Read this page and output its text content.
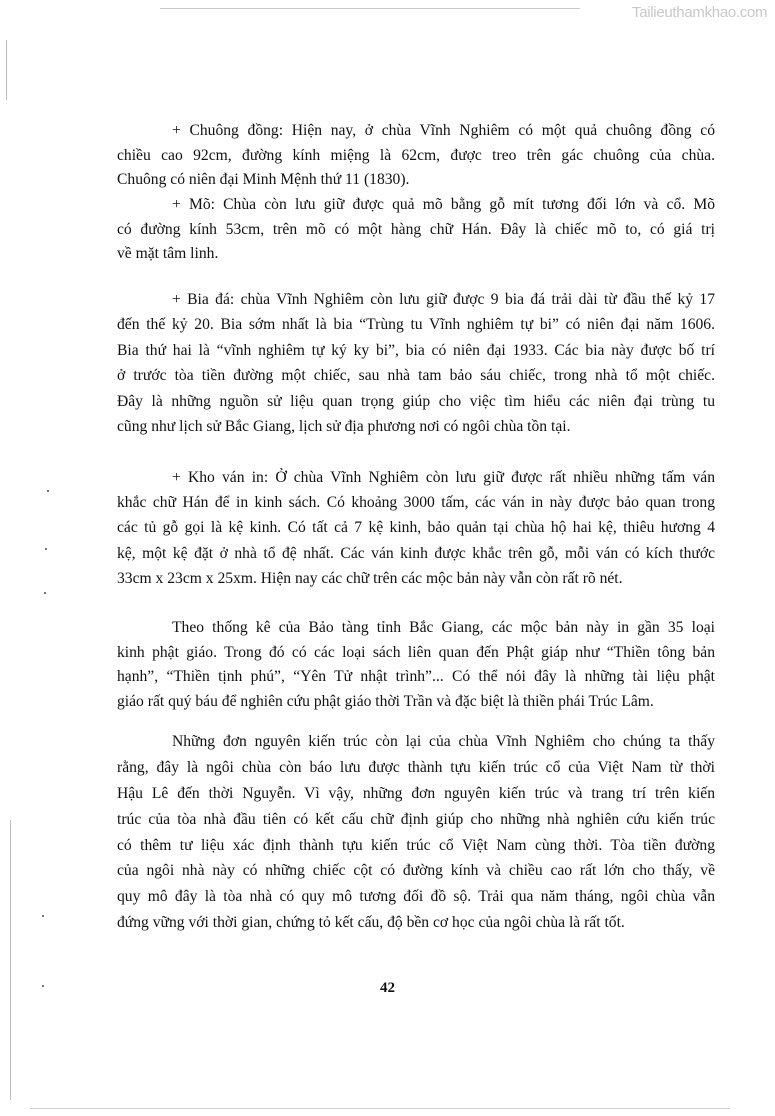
Tailieuthamkhao.com
+ Chuông đồng: Hiện nay, ở chùa Vĩnh Nghiêm có một quả chuông đồng có
chiều cao 92cm, đường kính miệng là 62cm, được treo trên gác chuông của chùa.
Chuông có niên đại Minh Mệnh thứ 11 (1830).
+ Mõ: Chùa còn lưu giữ được quả mõ bằng gỗ mít tương đối lớn và cổ. Mõ
có đường kính 53cm, trên mõ có một hàng chữ Hán. Đây là chiếc mõ to, có giá trị
về mặt tâm linh.
+ Bia đá: chùa Vĩnh Nghiêm còn lưu giữ được 9 bia đá trải dài từ đầu thế kỷ 17
đến thế kỷ 20. Bia sớm nhất là bia “Trùng tu Vĩnh nghiêm tự bi” có niên đại năm 1606.
Bia thứ hai là “vĩnh nghiêm tự ký ky bi”, bia có niên đại 1933. Các bia này được bố trí
ở trước tòa tiền đường một chiếc, sau nhà tam bảo sáu chiếc, trong nhà tổ một chiếc.
Đây là những nguồn sử liệu quan trọng giúp cho việc tìm hiểu các niên đại trùng tu
cũng như lịch sử Bắc Giang, lịch sử địa phương nơi có ngôi chùa tồn tại.
+ Kho ván in: Ở chùa Vĩnh Nghiêm còn lưu giữ được rất nhiều những tấm ván
khắc chữ Hán để in kinh sách. Có khoảng 3000 tấm, các ván in này được bảo quan trong
các tủ gỗ gọi là kệ kinh. Có tất cả 7 kệ kinh, bảo quản tại chùa hộ hai kệ, thiêu hương 4
kệ, một kệ đặt ở nhà tổ đệ nhất. Các ván kinh được khắc trên gỗ, mỗi ván có kích thước
33cm x 23cm x 25xm. Hiện nay các chữ trên các mộc bản này vẫn còn rất rõ nét.
Theo thống kê của Bảo tàng tỉnh Bắc Giang, các mộc bản này in gần 35 loại
kinh phật giáo. Trong đó có các loại sách liên quan đến Phật giáp như “Thiền tông bản
hạnh”, “Thiền tịnh phú”, “Yên Tử nhật trình”... Có thể nói đây là những tài liệu phật
giáo rất quý báu để nghiên cứu phật giáo thời Trần và đặc biệt là thiền phái Trúc Lâm.
Những đơn nguyên kiến trúc còn lại của chùa Vĩnh Nghiêm cho chúng ta thấy
rằng, đây là ngôi chùa còn báo lưu được thành tựu kiến trúc cổ của Việt Nam từ thời
Hậu Lê đến thời Nguyễn. Vì vậy, những đơn nguyên kiến trúc và trang trí trên kiến
trúc của tòa nhà đầu tiên có kết cấu chữ định giúp cho những nhà nghiên cứu kiến trúc
có thêm tư liệu xác định thành tựu kiến trúc cổ Việt Nam cùng thời. Tòa tiền đường
của ngôi nhà này có những chiếc cột có đường kính và chiều cao rất lớn cho thấy, về
quy mô đây là tòa nhà có quy mô tương đối đồ sộ. Trải qua năm tháng, ngôi chùa vẫn
đứng vững với thời gian, chứng tỏ kết cấu, độ bền cơ học của ngôi chùa là rất tốt.
42
